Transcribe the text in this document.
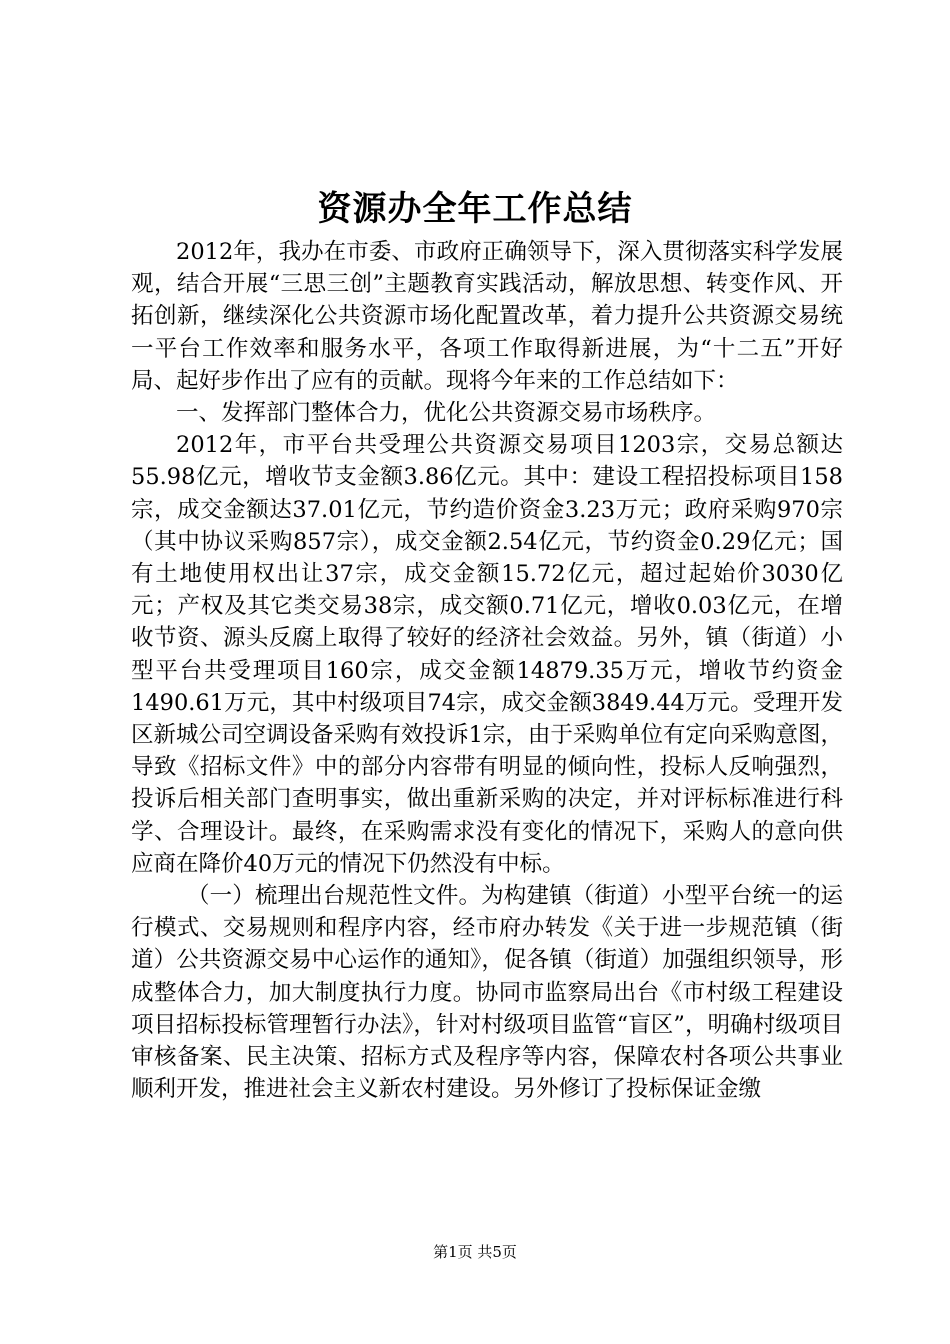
资源办全年工作总结

2012年，我办在市委、市政府正确领导下，深入贯彻落实科学发展观，结合开展“三思三创”主题教育实践活动，解放思想、转变作风、开拓创新，继续深化公共资源市场化配置改革，着力提升公共资源交易统一平台工作效率和服务水平，各项工作取得新进展，为“十二五”开好局、起好步作出了应有的贡献。现将今年来的工作总结如下：

一、发挥部门整体合力，优化公共资源交易市场秩序。

2012年，市平台共受理公共资源交易项目1203宗，交易总额达55.98亿元，增收节支金额3.86亿元。其中：建设工程招投标项目158宗，成交金额达37.01亿元，节约造价资金3.23万元；政府采购970宗（其中协议采购857宗），成交金额2.54亿元，节约资金0.29亿元；国有土地使用权出让37宗，成交金额15.72亿元，超过起始价3030亿元；产权及其它类交易38宗，成交额0.71亿元，增收0.03亿元，在增收节资、源头反腐上取得了较好的经济社会效益。另外，镇（街道）小型平台共受理项目160宗，成交金额14879.35万元，增收节约资金1490.61万元，其中村级项目74宗，成交金额3849.44万元。受理开发区新城公司空调设备采购有效投诉1宗，由于采购单位有定向采购意图，导致《招标文件》中的部分内容带有明显的倾向性，投标人反响强烈，投诉后相关部门查明事实，做出重新采购的决定，并对评标标准进行科学、合理设计。最终，在采购需求没有变化的情况下，采购人的意向供应商在降价40万元的情况下仍然没有中标。

（一）梳理出台规范性文件。为构建镇（街道）小型平台统一的运行模式、交易规则和程序内容，经市府办转发《关于进一步规范镇（街道）公共资源交易中心运作的通知》，促各镇（街道）加强组织领导，形成整体合力，加大制度执行力度。协同市监察局出台《市村级工程建设项目招标投标管理暂行办法》，针对村级项目监管“盲区”，明确村级项目审核备案、民主决策、招标方式及程序等内容，保障农村各项公共事业顺利开发，推进社会主义新农村建设。另外修订了投标保证金缴

第1页 共5页
